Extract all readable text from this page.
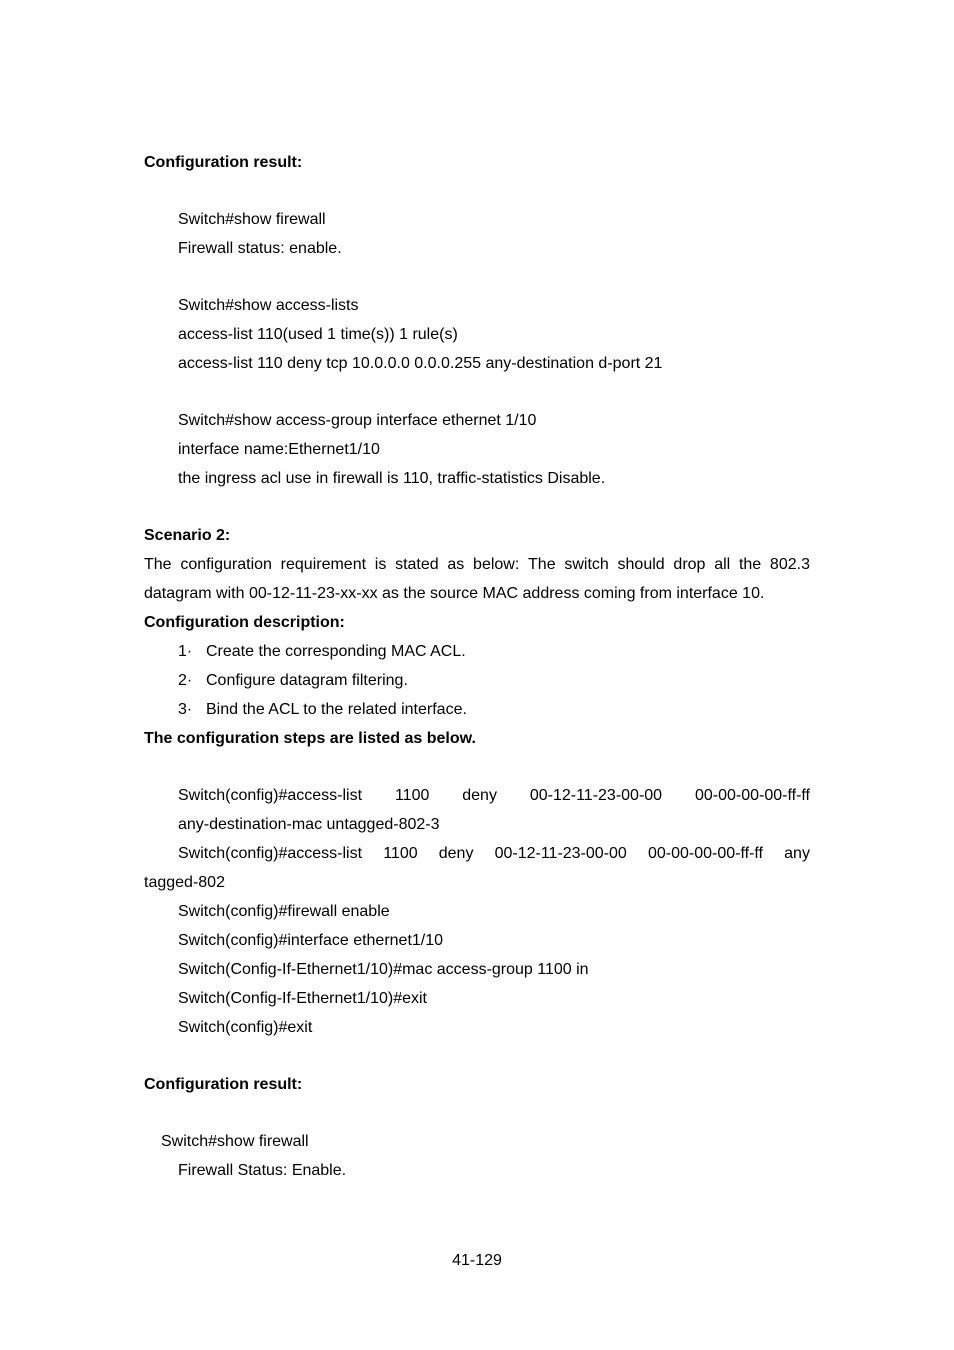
Configuration result:
Switch#show firewall
Firewall status: enable.
Switch#show access-lists
access-list 110(used 1 time(s)) 1 rule(s)
access-list 110 deny tcp 10.0.0.0 0.0.0.255 any-destination d-port 21
Switch#show access-group interface ethernet 1/10
interface name:Ethernet1/10
the ingress acl use in firewall is 110, traffic-statistics Disable.
Scenario 2:
The configuration requirement is stated as below: The switch should drop all the 802.3
datagram with 00-12-11-23-xx-xx as the source MAC address coming from interface 10.
Configuration description:
1· Create the corresponding MAC ACL.
2· Configure datagram filtering.
3· Bind the ACL to the related interface.
The configuration steps are listed as below.
Switch(config)#access-list 1100 deny 00-12-11-23-00-00 00-00-00-00-ff-ff
any-destination-mac untagged-802-3
Switch(config)#access-list 1100 deny 00-12-11-23-00-00 00-00-00-00-ff-ff any
tagged-802
Switch(config)#firewall enable
Switch(config)#interface ethernet1/10
Switch(Config-If-Ethernet1/10)#mac access-group 1100 in
Switch(Config-If-Ethernet1/10)#exit
Switch(config)#exit
Configuration result:
Switch#show firewall
Firewall Status: Enable.
41-129
